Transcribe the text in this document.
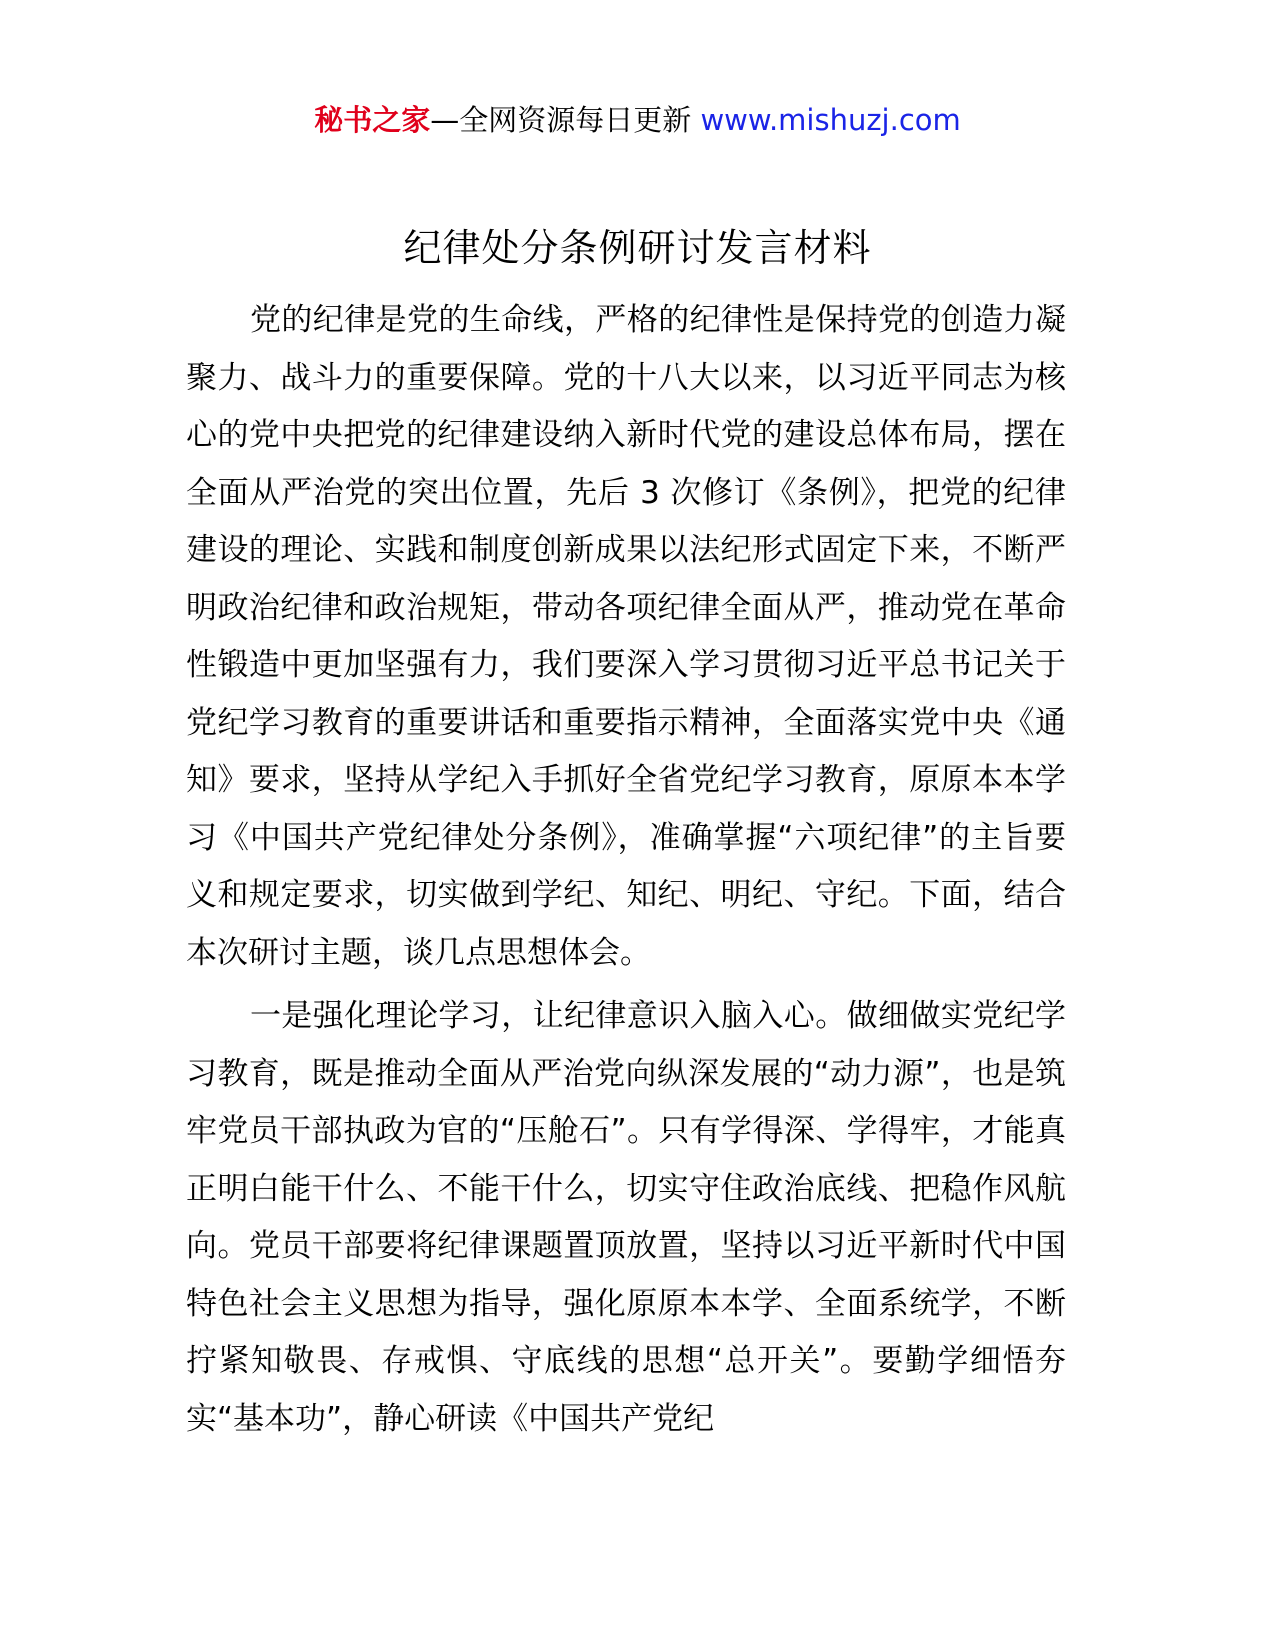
秘书之家—全网资源每日更新 www.mishuzj.com
纪律处分条例研讨发言材料

党的纪律是党的生命线，严格的纪律性是保持党的创造力凝聚力、战斗力的重要保障。党的十八大以来，以习近平同志为核心的党中央把党的纪律建设纳入新时代党的建设总体布局，摆在全面从严治党的突出位置，先后 3 次修订《条例》，把党的纪律建设的理论、实践和制度创新成果以法纪形式固定下来，不断严明政治纪律和政治规矩，带动各项纪律全面从严，推动党在革命性锻造中更加坚强有力，我们要深入学习贯彻习近平总书记关于党纪学习教育的重要讲话和重要指示精神，全面落实党中央《通知》要求，坚持从学纪入手抓好全省党纪学习教育，原原本本学习《中国共产党纪律处分条例》，准确掌握“六项纪律”的主旨要义和规定要求，切实做到学纪、知纪、明纪、守纪。下面，结合本次研讨主题，谈几点思想体会。

一是强化理论学习，让纪律意识入脑入心。做细做实党纪学习教育，既是推动全面从严治党向纵深发展的“动力源”，也是筑牢党员干部执政为官的“压舱石”。只有学得深、学得牢，才能真正明白能干什么、不能干什么，切实守住政治底线、把稳作风航向。党员干部要将纪律课题置顶放置，坚持以习近平新时代中国特色社会主义思想为指导，强化原原本本学、全面系统学，不断拧紧知敬畏、存戒惧、守底线的思想“总开关”。要勤学细悟夯实“基本功”，静心研读《中国共产党纪
